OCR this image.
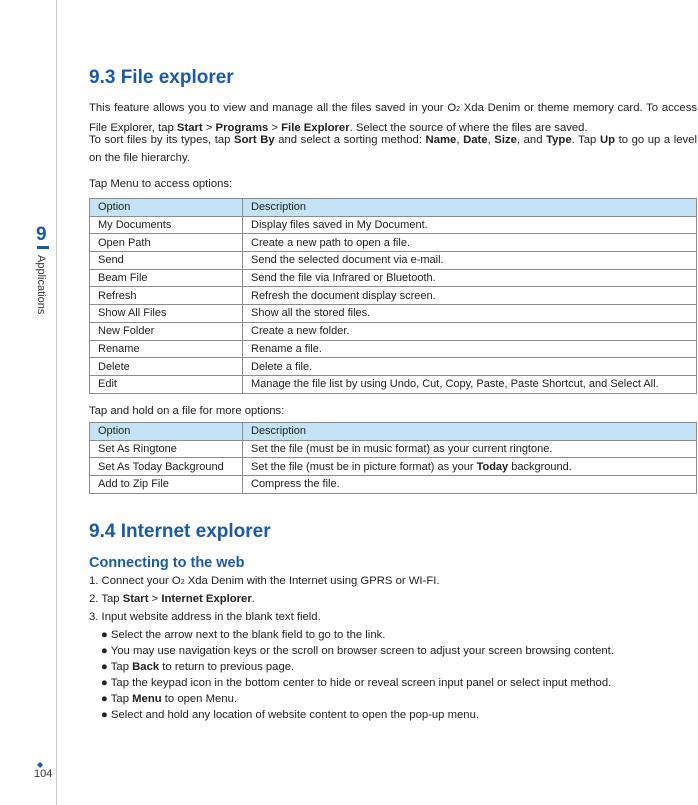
9
Applications
◆
104
9.3 File explorer
This feature allows you to view and manage all the files saved in your O2 Xda Denim or theme memory card. To access File Explorer, tap Start > Programs > File Explorer. Select the source of where the files are saved.
To sort files by its types, tap Sort By and select a sorting method: Name, Date, Size, and Type. Tap Up to go up a level on the file hierarchy.
Tap Menu to access options:
Option	Description
My Documents	Display files saved in My Document.
Open Path	Create a new path to open a file.
Send	Send the selected document via e-mail.
Beam File	Send the file via Infrared or Bluetooth.
Refresh	Refresh the document display screen.
Show All Files	Show all the stored files.
New Folder	Create a new folder.
Rename	Rename a file.
Delete	Delete a file.
Edit	Manage the file list by using Undo, Cut, Copy, Paste, Paste Shortcut, and Select All.
Tap and hold on a file for more options:
Option	Description
Set As Ringtone	Set the file (must be in music format) as your current ringtone.
Set As Today Background	Set the file (must be in picture format) as your Today background.
Add to Zip File	Compress the file.
9.4 Internet explorer
Connecting to the web
1. Connect your O2 Xda Denim with the Internet using GPRS or WI-FI.
2. Tap Start > Internet Explorer.
3. Input website address in the blank text field.
● Select the arrow next to the blank field to go to the link.
● You may use navigation keys or the scroll on browser screen to adjust your screen browsing content.
● Tap Back to return to previous page.
● Tap the keypad icon in the bottom center to hide or reveal screen input panel or select input method.
● Tap Menu to open Menu.
● Select and hold any location of website content to open the pop-up menu.
